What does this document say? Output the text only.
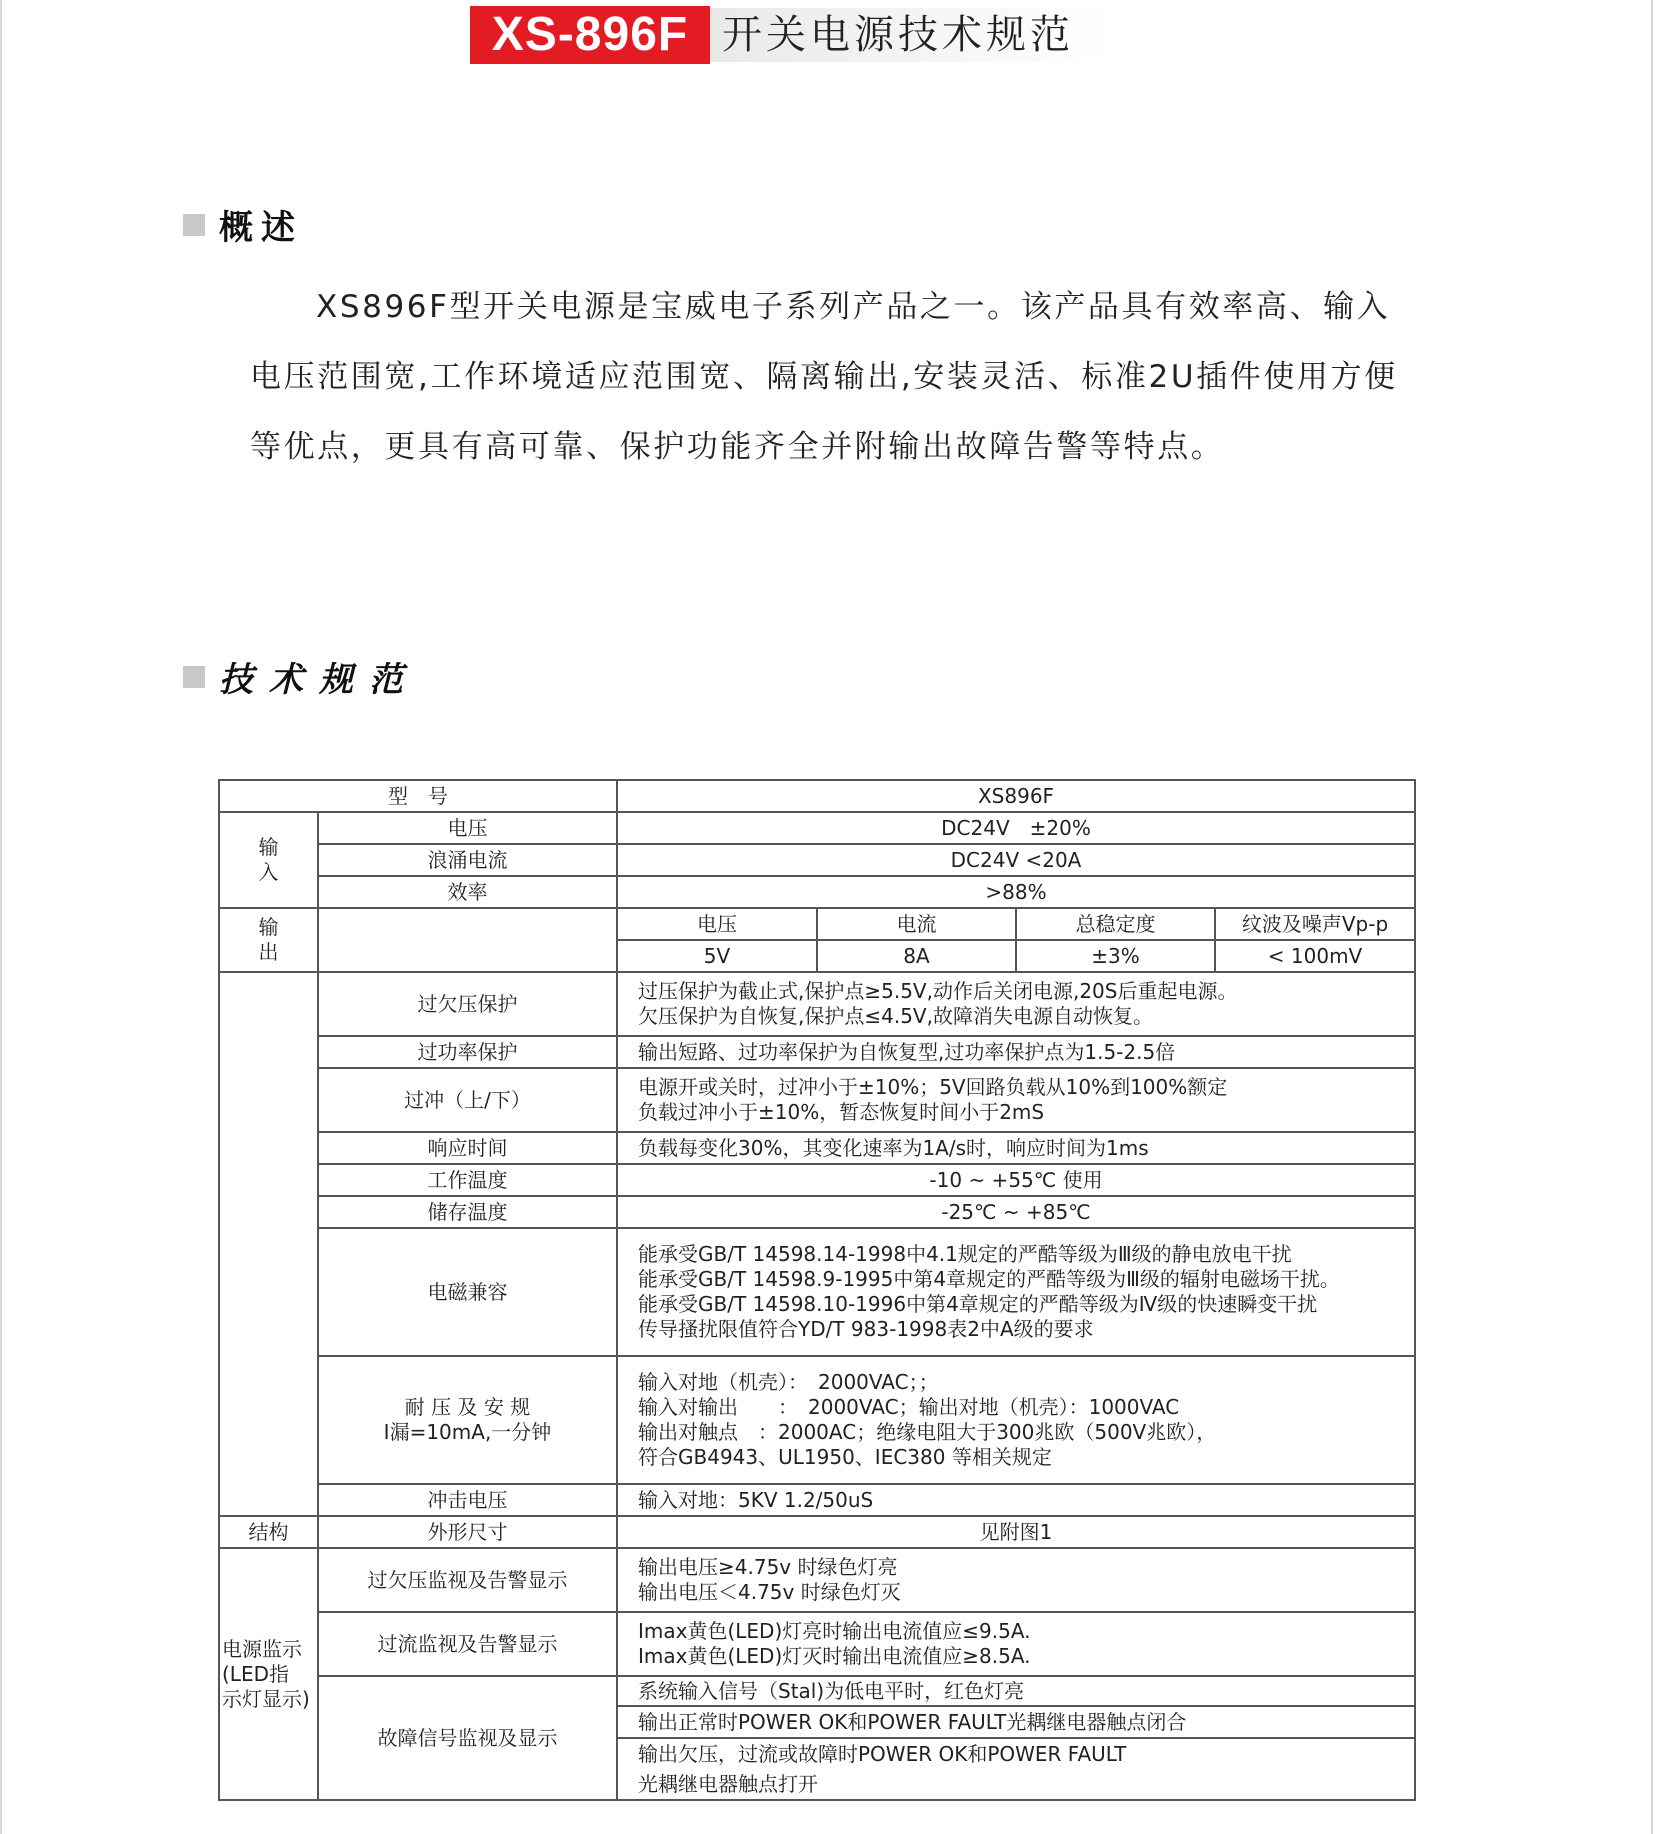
XS-896F 开关电源技术规范
概述
XS896F型开关电源是宝威电子系列产品之一。该产品具有效率高、输入
电压范围宽,工作环境适应范围宽、隔离输出,安装灵活、标准2U插件使用方便
等优点，更具有高可靠、保护功能齐全并附输出故障告警等特点。
技术规范
型　号		XS896F			

输
入	电压	DC24V　±20%			
	浪涌电流	DC24V <20A			
	效率	>88%			

输
出		电压	电流	总稳定度	纹波及噪声Vp-p
		5V	8A	±3%	< 100mV
	过欠压保护	过压保护为截止式,保护点≥5.5V,动作后关闭电源,20S后重起电源。
欠压保护为自恢复,保护点≤4.5V,故障消失电源自动恢复。			

	过功率保护	输出短路、过功率保护为自恢复型,过功率保护点为1.5-2.5倍			
	过冲（上/下）	电源开或关时，过冲小于±10%；5V回路负载从10%到100%额定
负载过冲小于±10%，暂态恢复时间小于2mS			

	响应时间	负载每变化30%，其变化速率为1A/s时，响应时间为1ms			
	工作温度	-10 ~ +55℃ 使用			
	储存温度	-25℃ ~ +85℃			
	电磁兼容	能承受GB/T 14598.14-1998中4.1规定的严酷等级为Ⅲ级的静电放电干扰
能承受GB/T 14598.9-1995中第4章规定的严酷等级为Ⅲ级的辐射电磁场干扰。
能承受GB/T 14598.10-1996中第4章规定的严酷等级为Ⅳ级的快速瞬变干扰
传导搔扰限值符合YD/T 983-1998表2中A级的要求			

	耐 压 及 安 规
I漏=10mA,一分钟	输入对地（机壳）：　2000VAC；；
输入对输出　　：　2000VAC；输出对地（机壳）：1000VAC
输出对触点　：2000AC；绝缘电阻大于300兆欧（500V兆欧），
符合GB4943、UL1950、IEC380 等相关规定			

	冲击电压	输入对地：5KV 1.2/50uS			
结构	外形尺寸	见附图1			

电源监示
(LED指
示灯显示)	过欠压监视及告警显示	输出电压≥4.75v 时绿色灯亮
输出电压＜4.75v 时绿色灯灭			

	过流监视及告警显示	Imax黄色(LED)灯亮时输出电流值应≤9.5A.
Imax黄色(LED)灯灭时输出电流值应≥8.5A.			

	故障信号监视及显示	系统输入信号（Stal)为低电平时，红色灯亮			
		输出正常时POWER OK和POWER FAULT光耦继电器触点闭合			
		输出欠压，过流或故障时POWER OK和POWER FAULT			
		光耦继电器触点打开			
